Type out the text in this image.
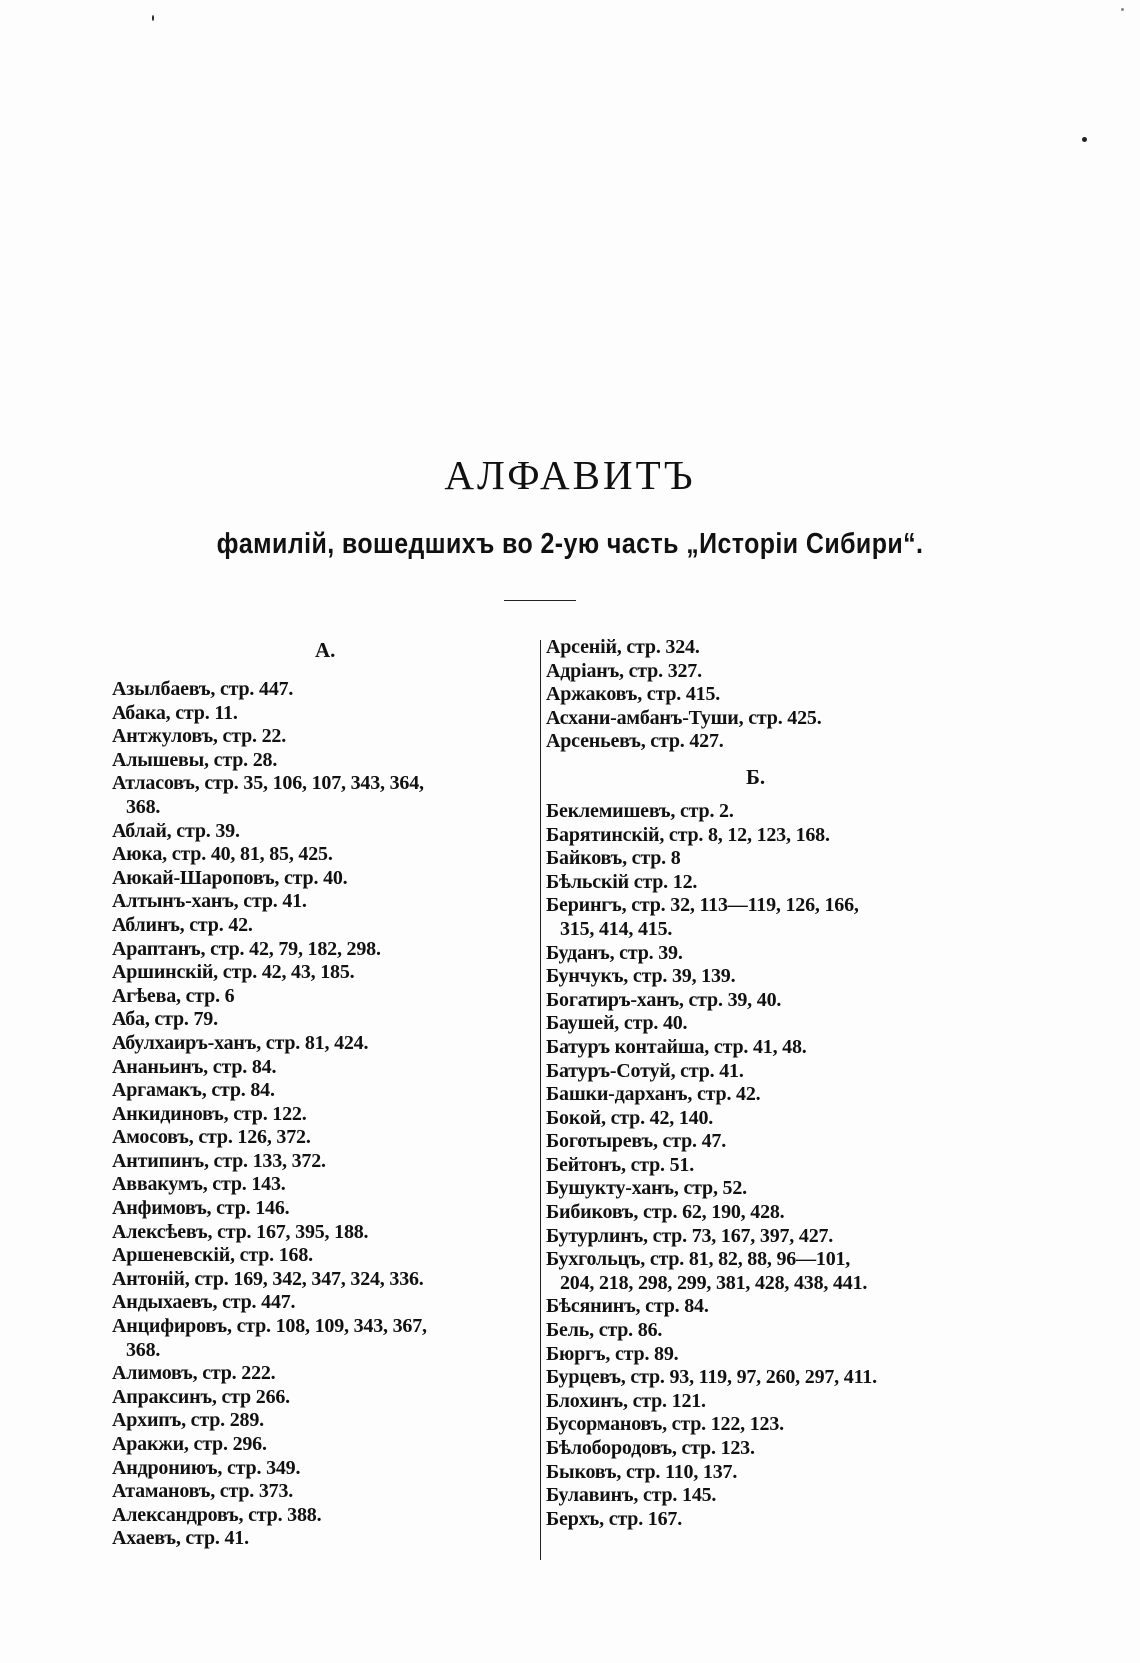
АЛФАВИТЪ
фамилій, вошедшихъ во 2-ую часть „Исторіи Сибири“.
А.
Азылбаевъ, стр. 447.
Абака, стр. 11.
Антжуловъ, стр. 22.
Алышевы, стр. 28.
Атласовъ, стр. 35, 106, 107, 343, 364,
368.
Аблай, стр. 39.
Аюка, стр. 40, 81, 85, 425.
Аюкай-Шароповъ, стр. 40.
Алтынъ-ханъ, стр. 41.
Аблинъ, стр. 42.
Араптанъ, стр. 42, 79, 182, 298.
Аршинскій, стр. 42, 43, 185.
Агѣева, стр. 6
Аба, стр. 79.
Абулхаиръ-ханъ, стр. 81, 424.
Ананьинъ, стр. 84.
Аргамакъ, стр. 84.
Анкидиновъ, стр. 122.
Амосовъ, стр. 126, 372.
Антипинъ, стр. 133, 372.
Аввакумъ, стр. 143.
Анфимовъ, стр. 146.
Алексѣевъ, стр. 167, 395, 188.
Аршеневскій, стр. 168.
Антоній, стр. 169, 342, 347, 324, 336.
Андыхаевъ, стр. 447.
Анцифировъ, стр. 108, 109, 343, 367,
368.
Алимовъ, стр. 222.
Апраксинъ, стр 266.
Архипъ, стр. 289.
Аракжи, стр. 296.
Андрониюъ, стр. 349.
Атамановъ, стр. 373.
Александровъ, стр. 388.
Ахаевъ, стр. 41.
Арсеній, стр. 324.
Адріанъ, стр. 327.
Аржаковъ, стр. 415.
Асхани-амбанъ-Туши, стр. 425.
Арсеньевъ, стр. 427.
Б.
Беклемишевъ, стр. 2.
Барятинскій, стр. 8, 12, 123, 168.
Байковъ, стр. 8
Бѣльскій стр. 12.
Берингъ, стр. 32, 113—119, 126, 166,
315, 414, 415.
Буданъ, стр. 39.
Бунчукъ, стр. 39, 139.
Богатиръ-ханъ, стр. 39, 40.
Баушей, стр. 40.
Батуръ контайша, стр. 41, 48.
Батуръ-Сотуй, стр. 41.
Башки-дарханъ, стр. 42.
Бокой, стр. 42, 140.
Боготыревъ, стр. 47.
Бейтонъ, стр. 51.
Бушукту-ханъ, стр, 52.
Бибиковъ, стр. 62, 190, 428.
Бутурлинъ, стр. 73, 167, 397, 427.
Бухгольцъ, стр. 81, 82, 88, 96—101,
204, 218, 298, 299, 381, 428, 438, 441.
Бѣсянинъ, стр. 84.
Бель, стр. 86.
Бюргъ, стр. 89.
Бурцевъ, стр. 93, 119, 97, 260, 297, 411.
Блохинъ, стр. 121.
Бусормановъ, стр. 122, 123.
Бѣлобородовъ, стр. 123.
Быковъ, стр. 110, 137.
Булавинъ, стр. 145.
Берхъ, стр. 167.
